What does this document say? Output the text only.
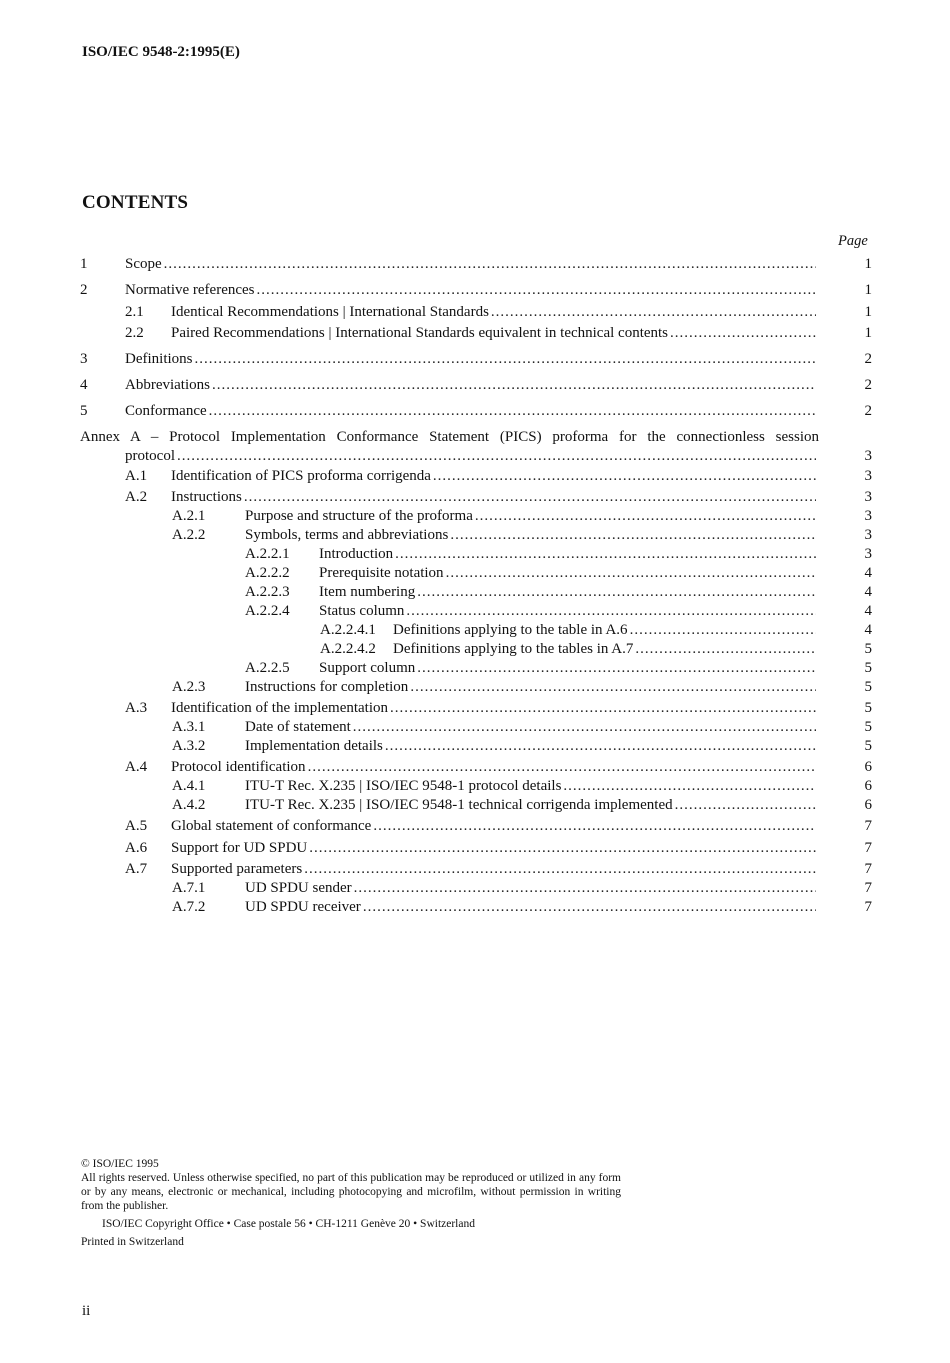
ISO/IEC 9548-2:1995(E)
CONTENTS
Page
1	Scope .....	1
2	Normative references .....	1
2.1 Identical Recommendations | International Standards .....	1
2.2 Paired Recommendations | International Standards equivalent in technical contents .....	1
3	Definitions .....	2
4	Abbreviations .....	2
5	Conformance .....	2
Annex A – Protocol Implementation Conformance Statement (PICS) proforma for the connectionless session
protocol .....	3
A.1 Identification of PICS proforma corrigenda .....	3
A.2 Instructions .....	3
A.2.1	Purpose and structure of the proforma .....	3
A.2.2	Symbols, terms and abbreviations .....	3
A.2.2.1 Introduction .....	3
A.2.2.2 Prerequisite notation .....	4
A.2.2.3 Item numbering .....	4
A.2.2.4 Status column .....	4
A.2.2.4.1 Definitions applying to the table in A.6 .....	4
A.2.2.4.2 Definitions applying to the tables in A.7 .....	5
A.2.2.5 Support column .....	5
A.2.3	Instructions for completion .....	5
A.3 Identification of the implementation .....	5
A.3.1	Date of statement .....	5
A.3.2	Implementation details .....	5
A.4 Protocol identification .....	6
A.4.1	ITU-T Rec. X.235 | ISO/IEC 9548-1 protocol details .....	6
A.4.2	ITU-T Rec. X.235 | ISO/IEC 9548-1 technical corrigenda implemented .....	6
A.5 Global statement of conformance .....	7
A.6 Support for UD SPDU .....	7
A.7 Supported parameters .....	7
A.7.1	UD SPDU sender .....	7
A.7.2	UD SPDU receiver .....	7

© ISO/IEC 1995

All rights reserved. Unless otherwise specified, no part of this publication may be reproduced or utilized in any form or by any means, electronic or mechanical, including photocopying and microfilm, without permission in writing from the publisher.

ISO/IEC Copyright Office • Case postale 56 • CH-1211 Genève 20 • Switzerland

Printed in Switzerland

ii
